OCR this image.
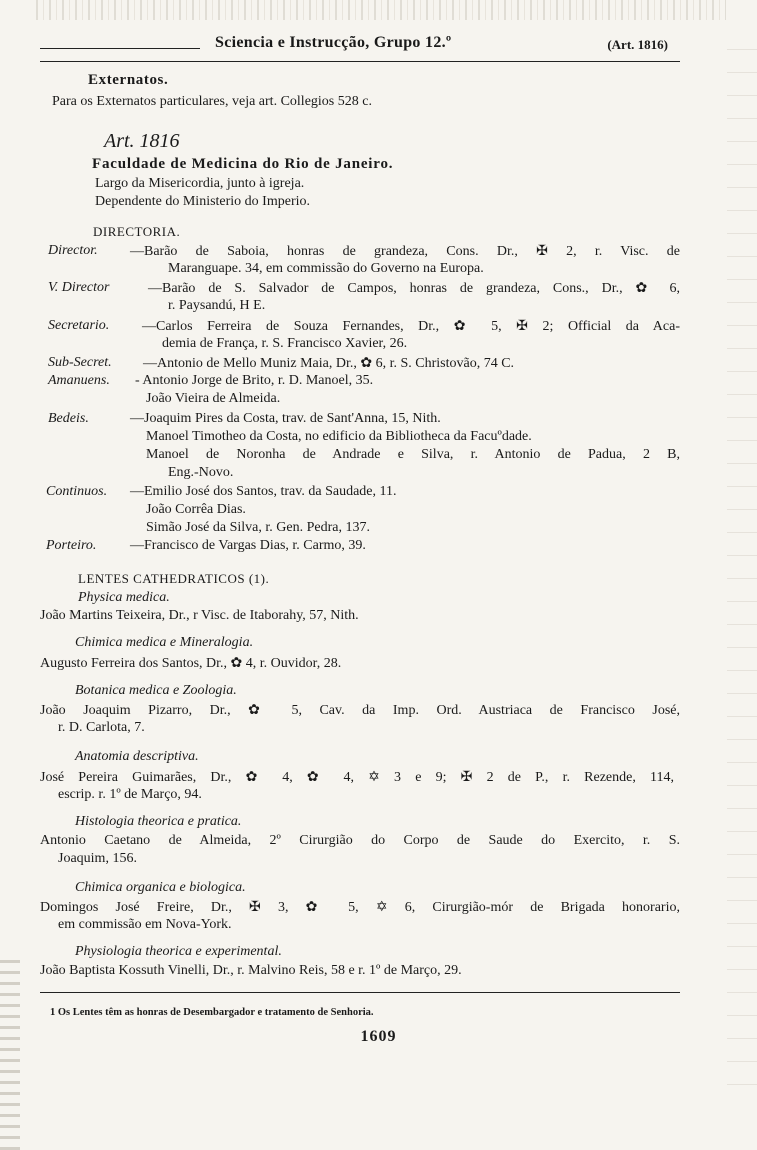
Sciencia e Instrucção, Grupo 12.º	(Art. 1816)
Externatos.
Para os Externatos particulares, veja art. Collegios 528 c.
Art. 1816
Faculdade de Medicina do Rio de Janeiro.
Largo da Misericordia, junto à igreja.
Dependente do Ministerio do Imperio.
DIRECTORIA.
Director. —Barão de Saboia, honras de grandeza, Cons. Dr., ✠ 2, r. Visc. de
Maranguape. 34, em commissão do Governo na Europa.
V. Director	—Barão de S. Salvador de Campos, honras de grandeza, Cons., Dr., ✿ 6,
r. Paysandú, H E.
Secretario. —Carlos Ferreira de Souza Fernandes, Dr., ✿ 5, ✠ 2; Official da Aca-
demia de França, r. S. Francisco Xavier, 26.
Sub-Secret. —Antonio de Mello Muniz Maia, Dr., ✿ 6, r. S. Christovão, 74 C.
Amanuens. - Antonio Jorge de Brito, r. D. Manoel, 35.
João Vieira de Almeida.
Bedeis.	—Joaquim Pires da Costa, trav. de Sant'Anna, 15, Nith.
Manoel Timotheo da Costa, no edificio da Bibliotheca da Facuºdade.
Manoel de Noronha de Andrade e Silva, r. Antonio de Padua, 2 B,
Eng.-Novo.
Continuos. —Emilio José dos Santos, trav. da Saudade, 11.
João Corrêa Dias.
Simão José da Silva, r. Gen. Pedra, 137.
Porteiro. —Francisco de Vargas Dias, r. Carmo, 39.
LENTES CATHEDRATICOS (1).
Physica medica.
João Martins Teixeira, Dr., r Visc. de Itaborahy, 57, Nith.
Chimica medica e Mineralogia.
Augusto Ferreira dos Santos, Dr., ✿ 4, r. Ouvidor, 28.
Botanica medica e Zoologia.
João Joaquim Pizarro, Dr., ✿ 5, Cav. da Imp. Ord. Austriaca de Francisco José,
r. D. Carlota, 7.
Anatomia descriptiva.
José Pereira Guimarães, Dr., ✿ 4, ✿ 4, ✡ 3 e 9; ✠ 2 de P., r. Rezende, 114,
escrip. r. 1º de Março, 94.
Histologia theorica e pratica.
Antonio Caetano de Almeida, 2º Cirurgião do Corpo de Saude do Exercito, r. S.
Joaquim, 156.
Chimica organica e biologica.
Domingos José Freire, Dr., ✠ 3, ✿ 5, ✡ 6, Cirurgião-mór de Brigada honorario,
em commissão em Nova-York.
Physiologia theorica e experimental.
João Baptista Kossuth Vinelli, Dr., r. Malvino Reis, 58 e r. 1º de Março, 29.
1 Os Lentes têm as honras de Desembargador e tratamento de Senhoria.
1609
